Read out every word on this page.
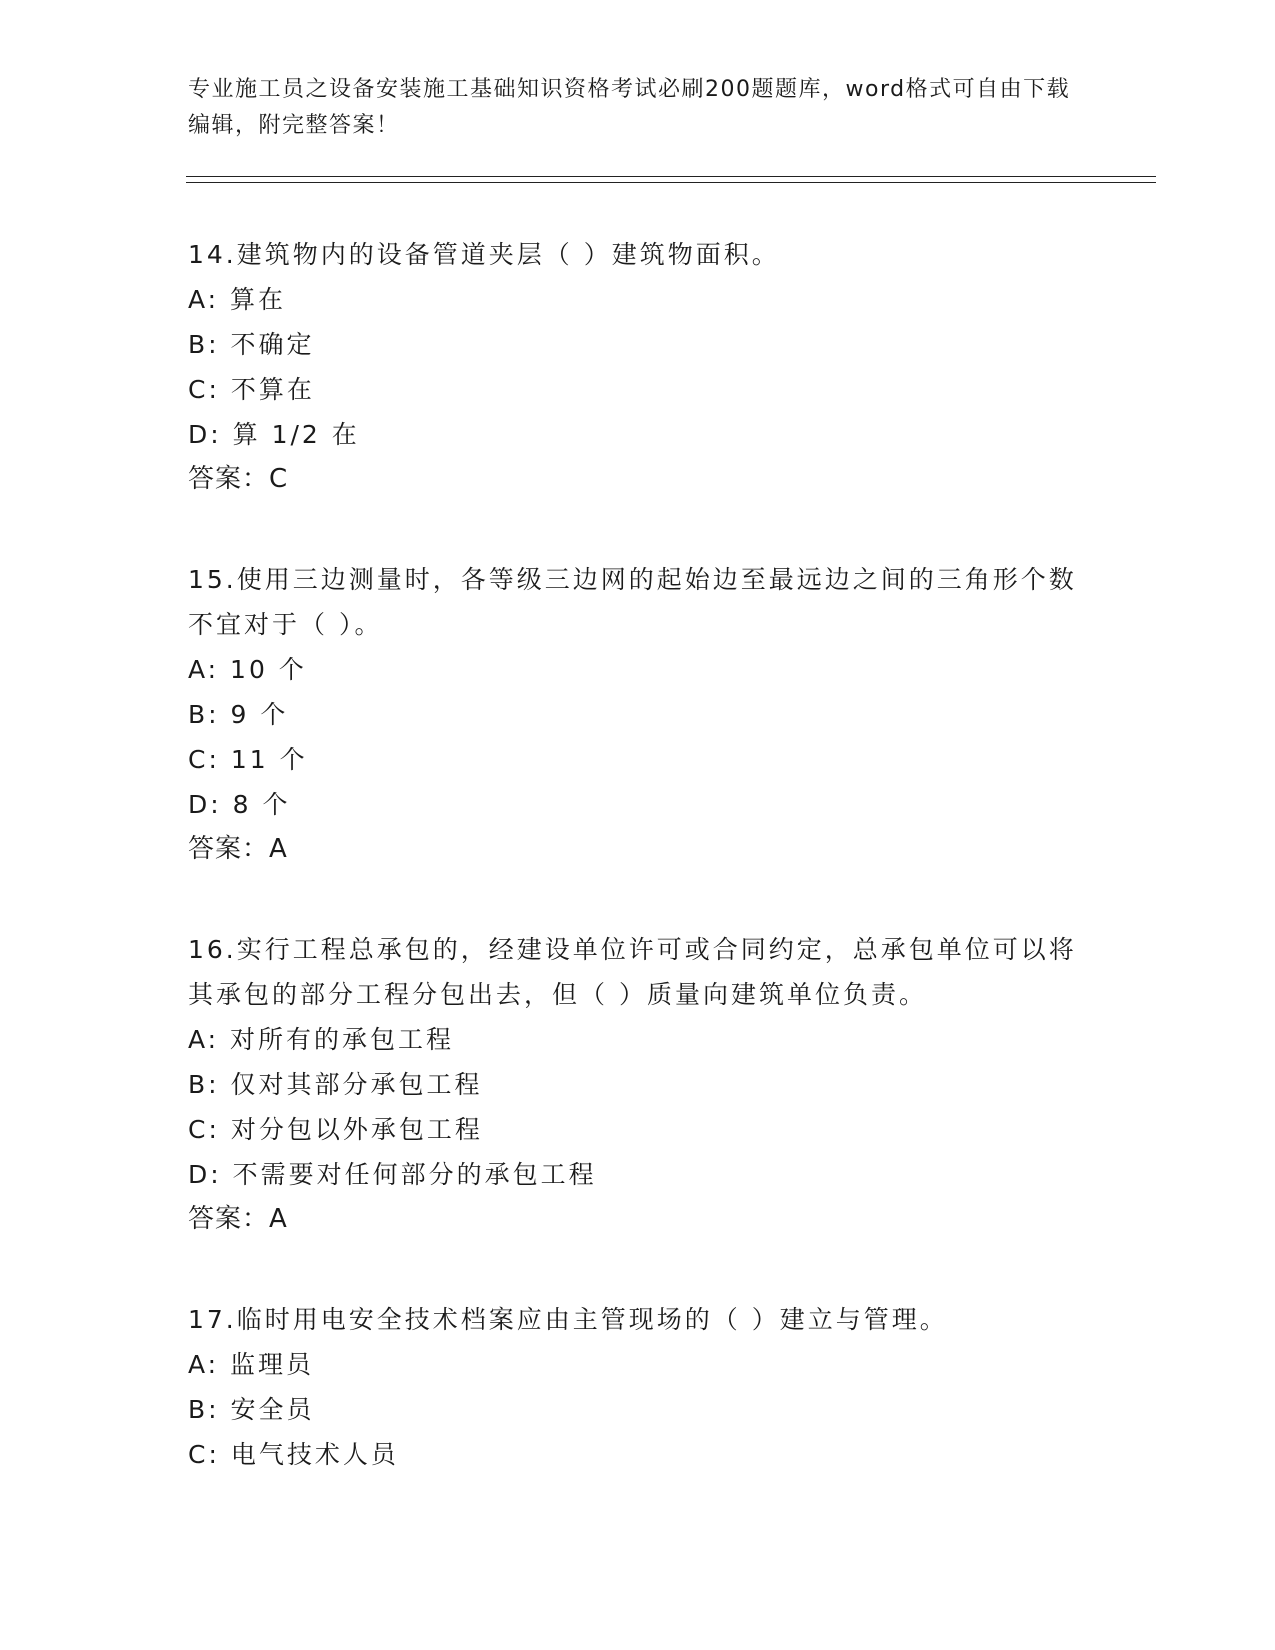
专业施工员之设备安装施工基础知识资格考试必刷200题题库，word格式可自由下载编辑，附完整答案！
14.建筑物内的设备管道夹层（ ）建筑物面积。
A: 算在
B: 不确定
C: 不算在
D: 算 1/2 在
答案：C
15.使用三边测量时，各等级三边网的起始边至最远边之间的三角形个数不宜对于（ ）。
A: 10 个
B: 9 个
C: 11 个
D: 8 个
答案：A
16.实行工程总承包的，经建设单位许可或合同约定，总承包单位可以将其承包的部分工程分包出去，但（ ）质量向建筑单位负责。
A: 对所有的承包工程
B: 仅对其部分承包工程
C: 对分包以外承包工程
D: 不需要对任何部分的承包工程
答案：A
17.临时用电安全技术档案应由主管现场的（ ）建立与管理。
A: 监理员
B: 安全员
C: 电气技术人员
